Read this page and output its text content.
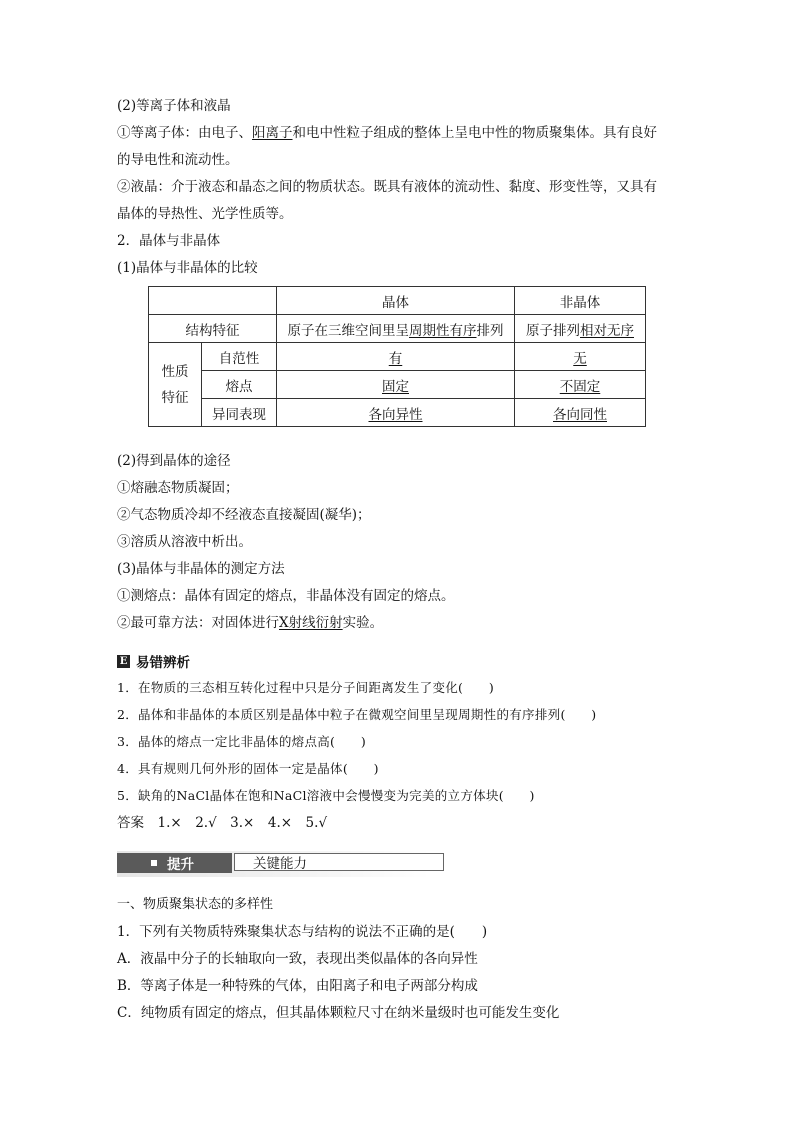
(2)等离子体和液晶
①等离子体：由电子、阳离子和电中性粒子组成的整体上呈电中性的物质聚集体。具有良好
的导电性和流动性。
②液晶：介于液态和晶态之间的物质状态。既具有液体的流动性、黏度、形变性等，又具有
晶体的导热性、光学性质等。
2．晶体与非晶体
(1)晶体与非晶体的比较
		晶体	非晶体
结构特征		原子在三维空间里呈周期性有序排列	原子排列相对无序
性质
特征	自范性	有	无
	熔点	固定	不固定
	异同表现	各向异性	各向同性
(2)得到晶体的途径
①熔融态物质凝固；
②气态物质冷却不经液态直接凝固(凝华)；
③溶质从溶液中析出。
(3)晶体与非晶体的测定方法
①测熔点：晶体有固定的熔点，非晶体没有固定的熔点。
②最可靠方法：对固体进行X射线衍射实验。
E 易错辨析
1．在物质的三态相互转化过程中只是分子间距离发生了变化(　　)
2．晶体和非晶体的本质区别是晶体中粒子在微观空间里呈现周期性的有序排列(　　)
3．晶体的熔点一定比非晶体的熔点高(　　)
4．具有规则几何外形的固体一定是晶体(　　)
5．缺角的NaCl晶体在饱和NaCl溶液中会慢慢变为完美的立方体块(　　)
答案　1.×　2.√　3.×　4.×　5.√
提升	关键能力
一、物质聚集状态的多样性
1．下列有关物质特殊聚集状态与结构的说法不正确的是(　　)
A．液晶中分子的长轴取向一致，表现出类似晶体的各向异性
B．等离子体是一种特殊的气体，由阳离子和电子两部分构成
C．纯物质有固定的熔点，但其晶体颗粒尺寸在纳米量级时也可能发生变化
